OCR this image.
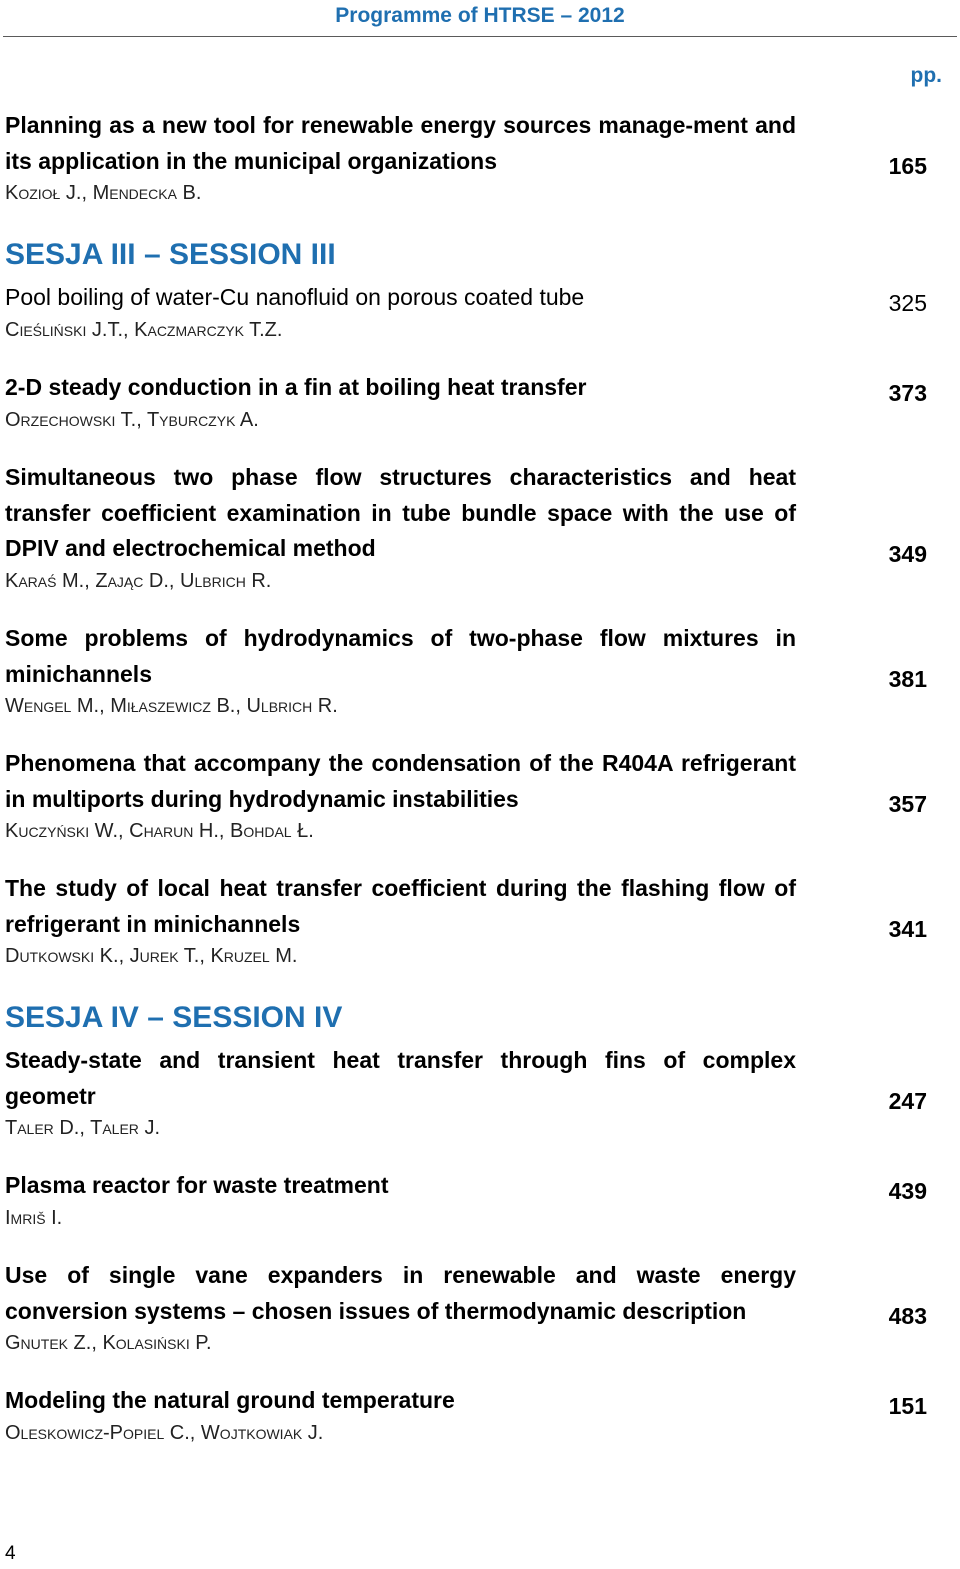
Programme of HTRSE – 2012
pp.
Planning as a new tool for renewable energy sources manage-ment and its application in the municipal organizations	165
Kozioł J., Mendecka B.
SESJA III – SESSION III
Pool boiling of water-Cu nanofluid on porous coated tube	325
Cieśliński J.T., Kaczmarczyk T.Z.
2-D steady conduction in a fin at boiling heat transfer	373
Orzechowski T., Tyburczyk A.
Simultaneous two phase flow structures characteristics and heat transfer coefficient examination in tube bundle space with the use of DPIV and electrochemical method	349
Karaś M., Zając D., Ulbrich R.
Some problems of hydrodynamics of two-phase flow mixtures in minichannels	381
Wengel M., Miłaszewicz B., Ulbrich R.
Phenomena that accompany the condensation of the R404A refrigerant in multiports during hydrodynamic instabilities	357
Kuczyński W., Charun H., Bohdal Ł.
The study of local heat transfer coefficient during the flashing flow of refrigerant in minichannels	341
Dutkowski K., Jurek T., Kruzel M.
SESJA IV – SESSION IV
Steady-state and transient heat transfer through fins of complex geometr	247
Taler D., Taler J.
Plasma reactor for waste treatment	439
Imriš I.
Use of single vane expanders in renewable and waste energy conversion systems – chosen issues of thermodynamic description	483
Gnutek Z., Kolasiński P.
Modeling the natural ground temperature	151
Oleskowicz-Popiel C., Wojtkowiak J.
4
